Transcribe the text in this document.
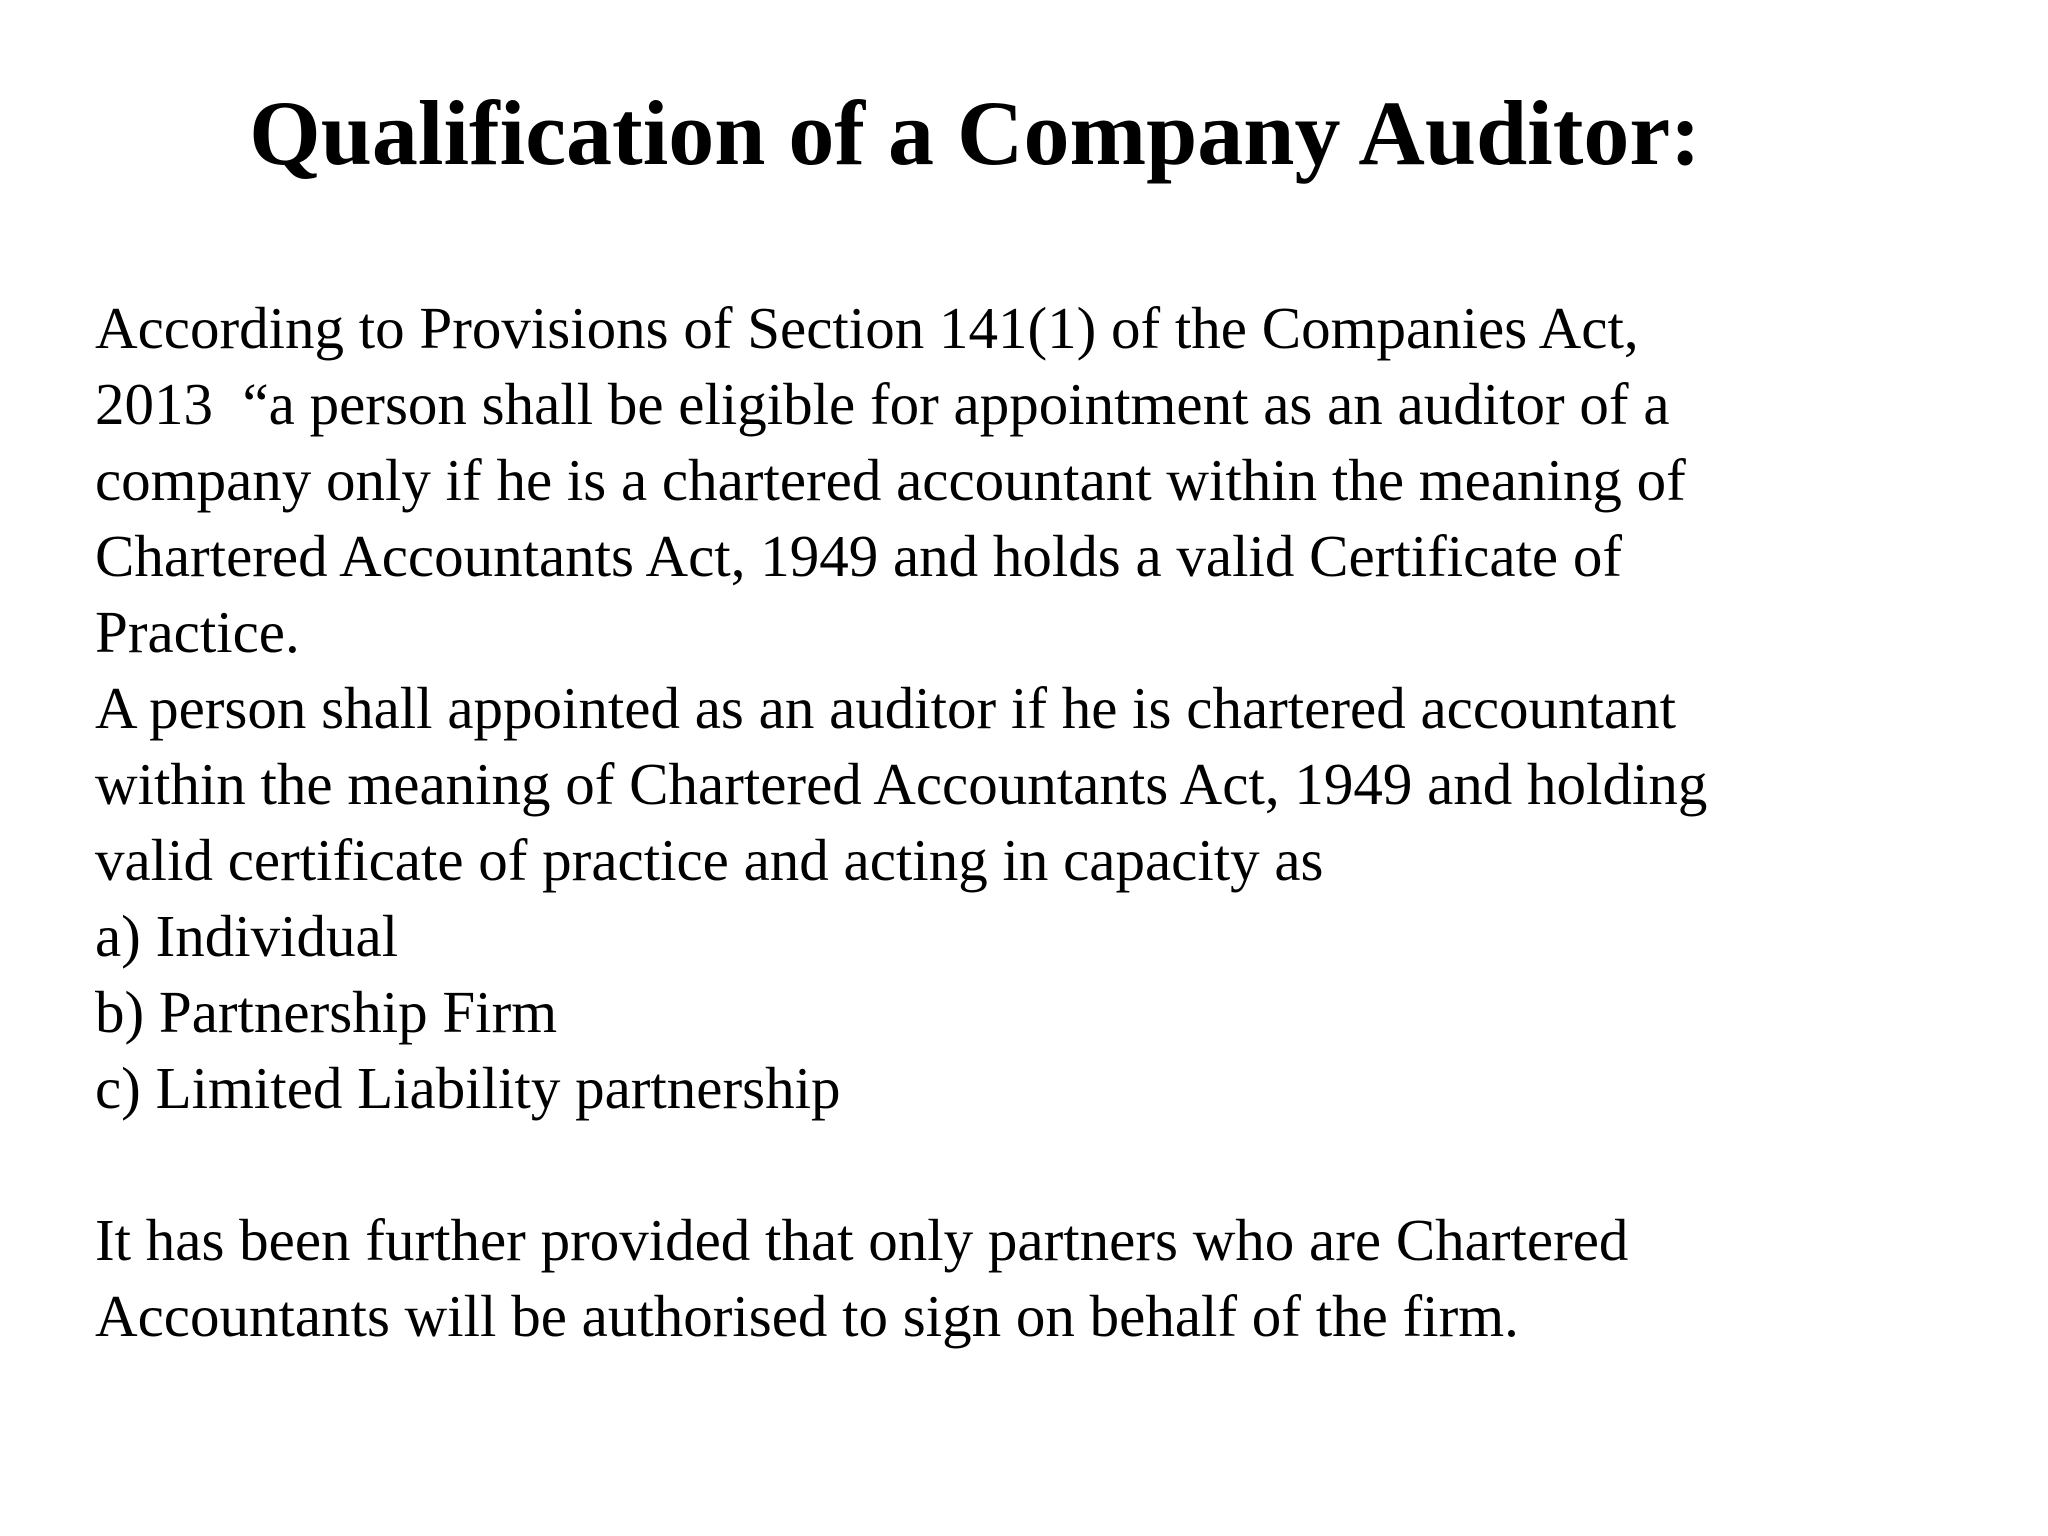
Qualification of a Company Auditor:
According to Provisions of Section 141(1) of the Companies Act,
2013  “a person shall be eligible for appointment as an auditor of a
company only if he is a chartered accountant within the meaning of
Chartered Accountants Act, 1949 and holds a valid Certificate of
Practice.
A person shall appointed as an auditor if he is chartered accountant
within the meaning of Chartered Accountants Act, 1949 and holding
valid certificate of practice and acting in capacity as
a) Individual
b) Partnership Firm
c) Limited Liability partnership
It has been further provided that only partners who are Chartered
Accountants will be authorised to sign on behalf of the firm.
